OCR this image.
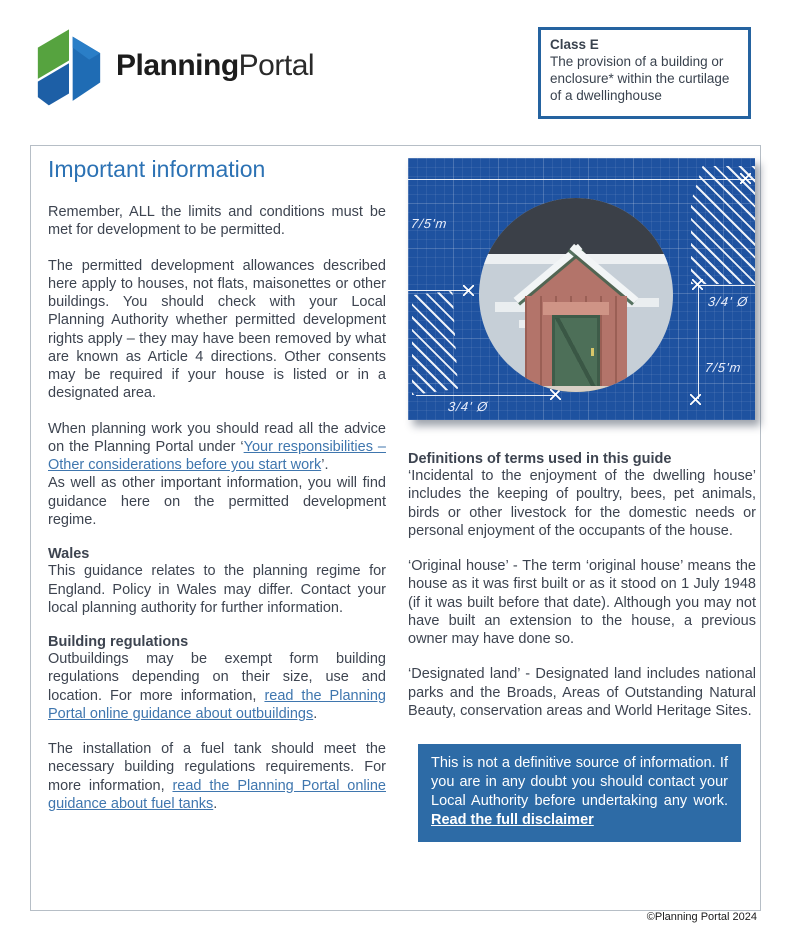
PlanningPortal
Class E
The provision of a building or enclosure* within the curtilage of a dwellinghouse
Important information

Remember, ALL the limits and conditions must be met for development to be permitted.

The permitted development allowances described here apply to houses, not flats, maisonettes or other buildings. You should check with your Local Planning Authority whether permitted development rights apply – they may have been removed by what are known as Article 4 directions. Other consents may be required if your house is listed or in a designated area.

When planning work you should read all the advice on the Planning Portal under ‘Your responsibilities – Other considerations before you start work’.

As well as other important information, you will find guidance here on the permitted development regime.

Wales

This guidance relates to the planning regime for England. Policy in Wales may differ. Contact your local planning authority for further information.

Building regulations

Outbuildings may be exempt form building regulations depending on their size, use and location. For more information, read the Planning Portal online guidance about outbuildings.

The installation of a fuel tank should meet the necessary building regulations requirements. For more information, read the Planning Portal online guidance about fuel tanks.

7/5'm
3/4' Ø
7/5'm
3/4' Ø
Definitions of terms used in this guide

‘Incidental to the enjoyment of the dwelling house’ includes the keeping of poultry, bees, pet animals, birds or other livestock for the domestic needs or personal enjoyment of the occupants of the house.

‘Original house’ - The term ‘original house’ means the house as it was first built or as it stood on 1 July 1948 (if it was built before that date). Although you may not have built an extension to the house, a previous owner may have done so.

‘Designated land’ - Designated land includes national parks and the Broads, Areas of Outstanding Natural Beauty, conservation areas and World Heritage Sites.

This is not a definitive source of information. If you are in any doubt you should contact your Local Authority before undertaking any work. Read the full disclaimer

©Planning Portal 2024
